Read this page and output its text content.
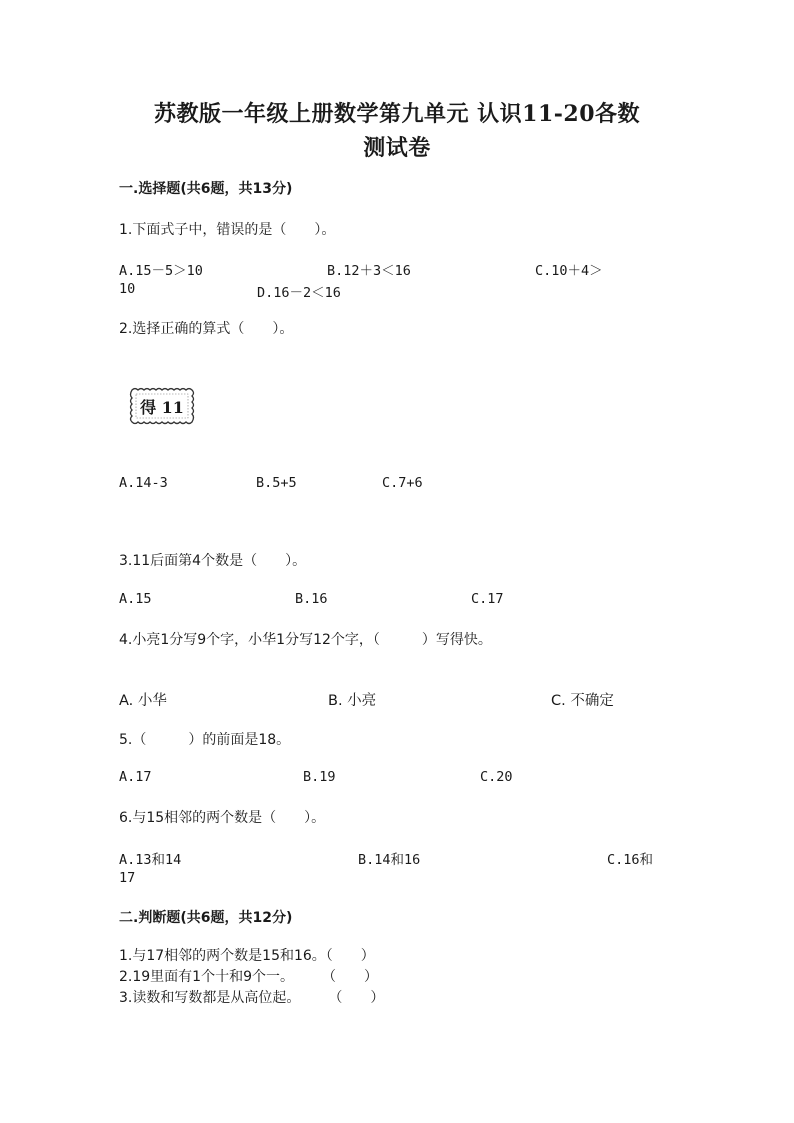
苏教版一年级上册数学第九单元 认识11-20各数
测试卷
一.选择题(共6题，共13分)
1.下面式子中，错误的是（　　）。
A.15－5＞10	B.12＋3＜16	C.10＋4＞
10	D.16－2＜16
2.选择正确的算式（　　）。
得 11
A.14-3	B.5+5	C.7+6
3.11后面第4个数是（　　）。
A.15	B.16	C.17
4.小亮1分写9个字，小华1分写12个字，（　　　）写得快。
A. 小华	B. 小亮	C. 不确定
5.（　　　）的前面是18。
A.17	B.19	C.20
6.与15相邻的两个数是（　　）。
A.13和14	B.14和16	C.16和
17
二.判断题(共6题，共12分)
1.与17相邻的两个数是15和16。（　　）
2.19里面有1个十和9个一。　　　（　　）
3.读数和写数都是从高位起。　　　（　　）
